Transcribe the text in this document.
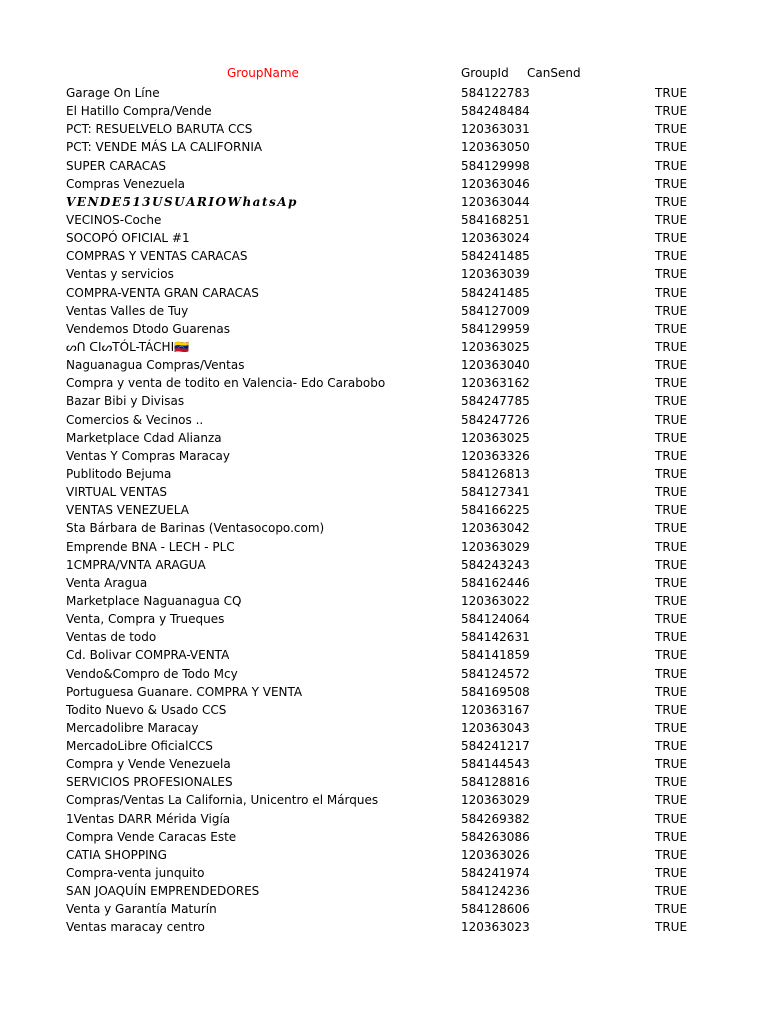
GroupName	GroupId CanSend
Garage On Líne	584122783	TRUE
El Hatillo Compra/Vende	584248484	TRUE
PCT: RESUELVELO BARUTA CCS	120363031	TRUE
PCT: VENDE MÁS LA CALIFORNIA	120363050	TRUE
SUPER CARACAS	584129998	TRUE
Compras Venezuela	120363046	TRUE
𝑽𝑬𝑵𝑫𝑬513𝑼𝑺𝑼𝑨𝑹𝑰𝑶𝑾𝒉𝒂𝒕𝒔𝑨𝒑	120363044	TRUE
VECINOS-Coche	584168251	TRUE
SOCOPÓ OFICIAL #1	120363024	TRUE
COMPRAS Y VENTAS CARACAS	584241485	TRUE
Ventas y servicios	120363039	TRUE
COMPRA-VENTA GRAN CARACAS	584241485	TRUE
Ventas Valles de Tuy	584127009	TRUE
Vendemos Dtodo Guarenas	584129959	TRUE
ᔕᑎ ᑕIᔕTÓL-TÁCHI🇻🇪	120363025	TRUE
Naguanagua Compras/Ventas	120363040	TRUE
Compra y venta de todito en Valencia- Edo Carabobo	120363162	TRUE
Bazar Bibi y Divisas	584247785	TRUE
Comercios & Vecinos ..	584247726	TRUE
Marketplace Cdad Alianza	120363025	TRUE
Ventas Y Compras Maracay	120363326	TRUE
Publitodo Bejuma	584126813	TRUE
VIRTUAL VENTAS	584127341	TRUE
VENTAS VENEZUELA	584166225	TRUE
Sta Bárbara de Barinas (Ventasocopo.com)	120363042	TRUE
Emprende BNA - LECH - PLC	120363029	TRUE
1CMPRA/VNTA ARAGUA	584243243	TRUE
Venta Aragua	584162446	TRUE
Marketplace Naguanagua CQ	120363022	TRUE
Venta, Compra y Trueques	584124064	TRUE
Ventas de todo	584142631	TRUE
Cd. Bolivar COMPRA-VENTA	584141859	TRUE
Vendo&Compro de Todo Mcy	584124572	TRUE
Portuguesa Guanare. COMPRA Y VENTA	584169508	TRUE
Todito Nuevo & Usado CCS	120363167	TRUE
Mercadolibre Maracay	120363043	TRUE
MercadoLibre OficialCCS	584241217	TRUE
Compra y Vende Venezuela	584144543	TRUE
SERVICIOS PROFESIONALES	584128816	TRUE
Compras/Ventas La California, Unicentro el Márques	120363029	TRUE
1Ventas DARR Mérida Vigía	584269382	TRUE
Compra Vende Caracas Este	584263086	TRUE
CATIA SHOPPING	120363026	TRUE
Compra-venta junquito	584241974	TRUE
SAN JOAQUÍN EMPRENDEDORES	584124236	TRUE
Venta y Garantía Maturín	584128606	TRUE
Ventas maracay centro	120363023	TRUE
